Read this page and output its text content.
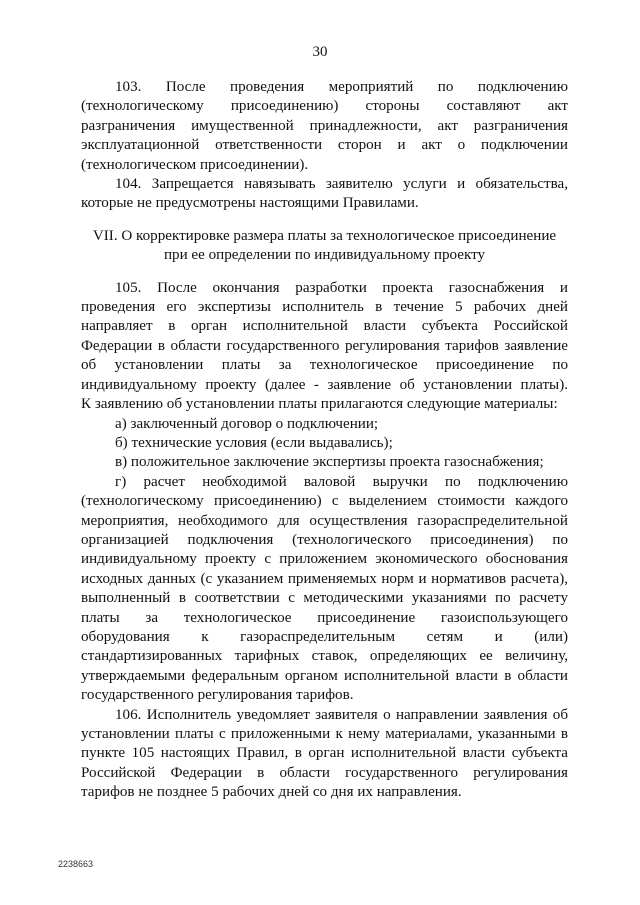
30

103. После проведения мероприятий по подключению (технологическому присоединению) стороны составляют акт разграничения имущественной принадлежности, акт разграничения эксплуатационной ответственности сторон и акт о подключении (технологическом присоединении).

104. Запрещается навязывать заявителю услуги и обязательства, которые не предусмотрены настоящими Правилами.

VII. О корректировке размера платы за технологическое присоединение при ее определении по индивидуальному проекту

105. После окончания разработки проекта газоснабжения и проведения его экспертизы исполнитель в течение 5 рабочих дней направляет в орган исполнительной власти субъекта Российской Федерации в области государственного регулирования тарифов заявление об установлении платы за технологическое присоединение по индивидуальному проекту (далее - заявление об установлении платы).

К заявлению об установлении платы прилагаются следующие материалы:

а) заключенный договор о подключении;

б) технические условия (если выдавались);

в) положительное заключение экспертизы проекта газоснабжения;

г) расчет необходимой валовой выручки по подключению (технологическому присоединению) с выделением стоимости каждого мероприятия, необходимого для осуществления газораспределительной организацией подключения (технологического присоединения) по индивидуальному проекту с приложением экономического обоснования исходных данных (с указанием применяемых норм и нормативов расчета), выполненный в соответствии с методическими указаниями по расчету платы за технологическое присоединение газоиспользующего оборудования к газораспределительным сетям и (или) стандартизированных тарифных ставок, определяющих ее величину, утверждаемыми федеральным органом исполнительной власти в области государственного регулирования тарифов.

106. Исполнитель уведомляет заявителя о направлении заявления об установлении платы с приложенными к нему материалами, указанными в пункте 105 настоящих Правил, в орган исполнительной власти субъекта Российской Федерации в области государственного регулирования тарифов не позднее 5 рабочих дней со дня их направления.

2238663
